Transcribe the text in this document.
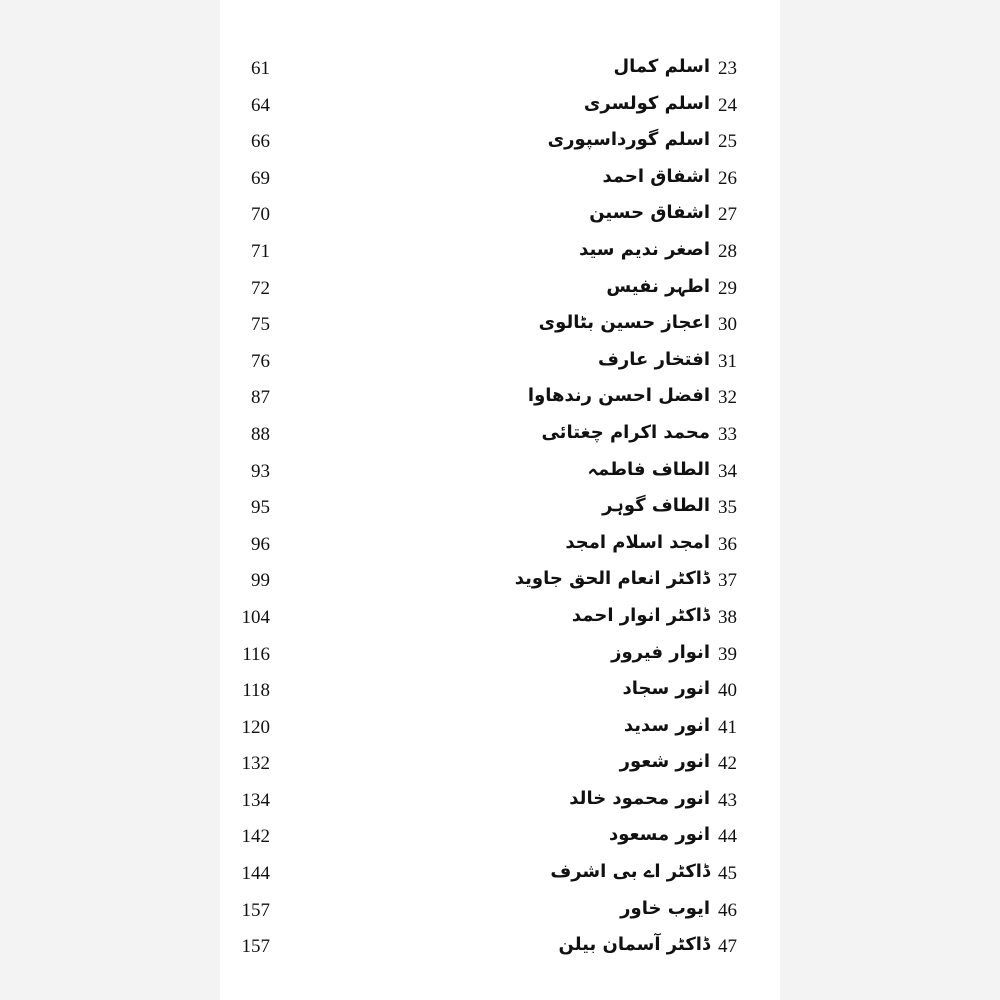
61	اسلم کمال 23
64	اسلم کولسری 24
66	اسلم گورداسپوری 25
69	اشفاق احمد 26
70	اشفاق حسین 27
71	اصغر ندیم سید 28
72	اطہر نفیس 29
75	اعجاز حسین بٹالوی 30
76	افتخار عارف 31
87	افضل احسن رندھاوا 32
88	محمد اکرام چغتائی 33
93	الطاف فاطمہ 34
95	الطاف گوہر 35
96	امجد اسلام امجد 36
99	ڈاکٹر انعام الحق جاوید 37
104	ڈاکٹر انوار احمد 38
116	انوار فیروز 39
118	انور سجاد 40
120	انور سدید 41
132	انور شعور 42
134	انور محمود خالد 43
142	انور مسعود 44
144	ڈاکٹر اے بی اشرف 45
157	ایوب خاور 46
157	ڈاکٹر آسمان بیلن 47
